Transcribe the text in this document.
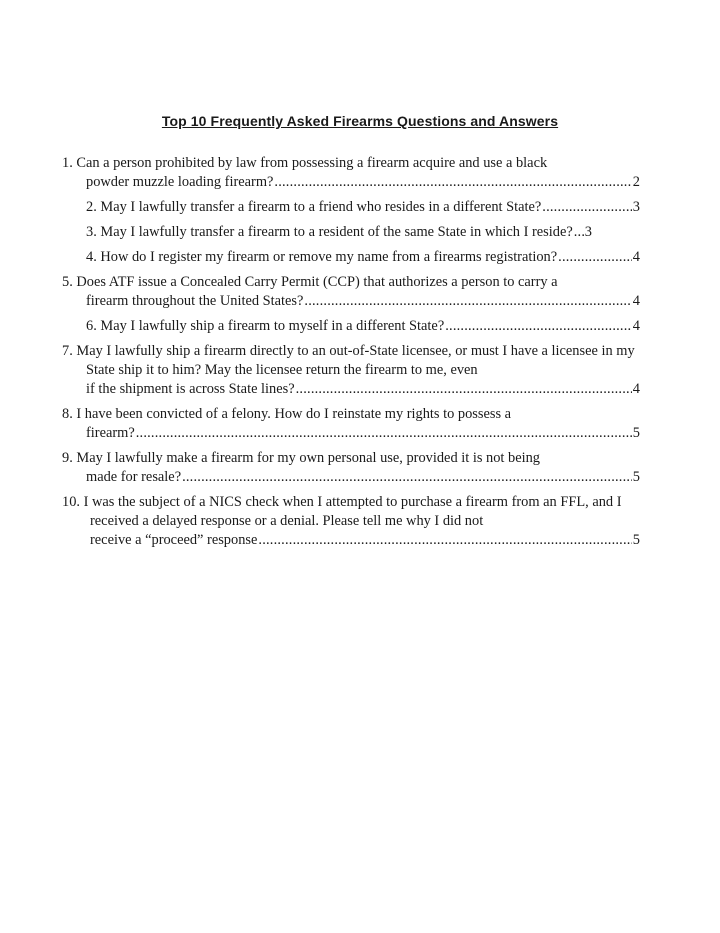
Top 10 Frequently Asked Firearms Questions and Answers
1. Can a person prohibited by law from possessing a firearm acquire and use a black
powder muzzle loading firearm? .....	2
2. May I lawfully transfer a firearm to a friend who resides in a different State? .....	3
3. May I lawfully transfer a firearm to a resident of the same State in which I reside? ..... 3
4. How do I register my firearm or remove my name from a firearms registration? .....	4
5. Does ATF issue a Concealed Carry Permit (CCP) that authorizes a person to carry a
firearm throughout the United States? .....	4
6. May I lawfully ship a firearm to myself in a different State? .....	4
7. May I lawfully ship a firearm directly to an out-of-State licensee, or must I have a licensee in my State ship it to him? May the licensee return the firearm to me, even
if the shipment is across State lines? .....	4
8. I have been convicted of a felony. How do I reinstate my rights to possess a
firearm? .....	5
9. May I lawfully make a firearm for my own personal use, provided it is not being
made for resale? .....	5
10. I was the subject of a NICS check when I attempted to purchase a firearm from an FFL, and I received a delayed response or a denial. Please tell me why I did not
receive a “proceed” response .....	5
